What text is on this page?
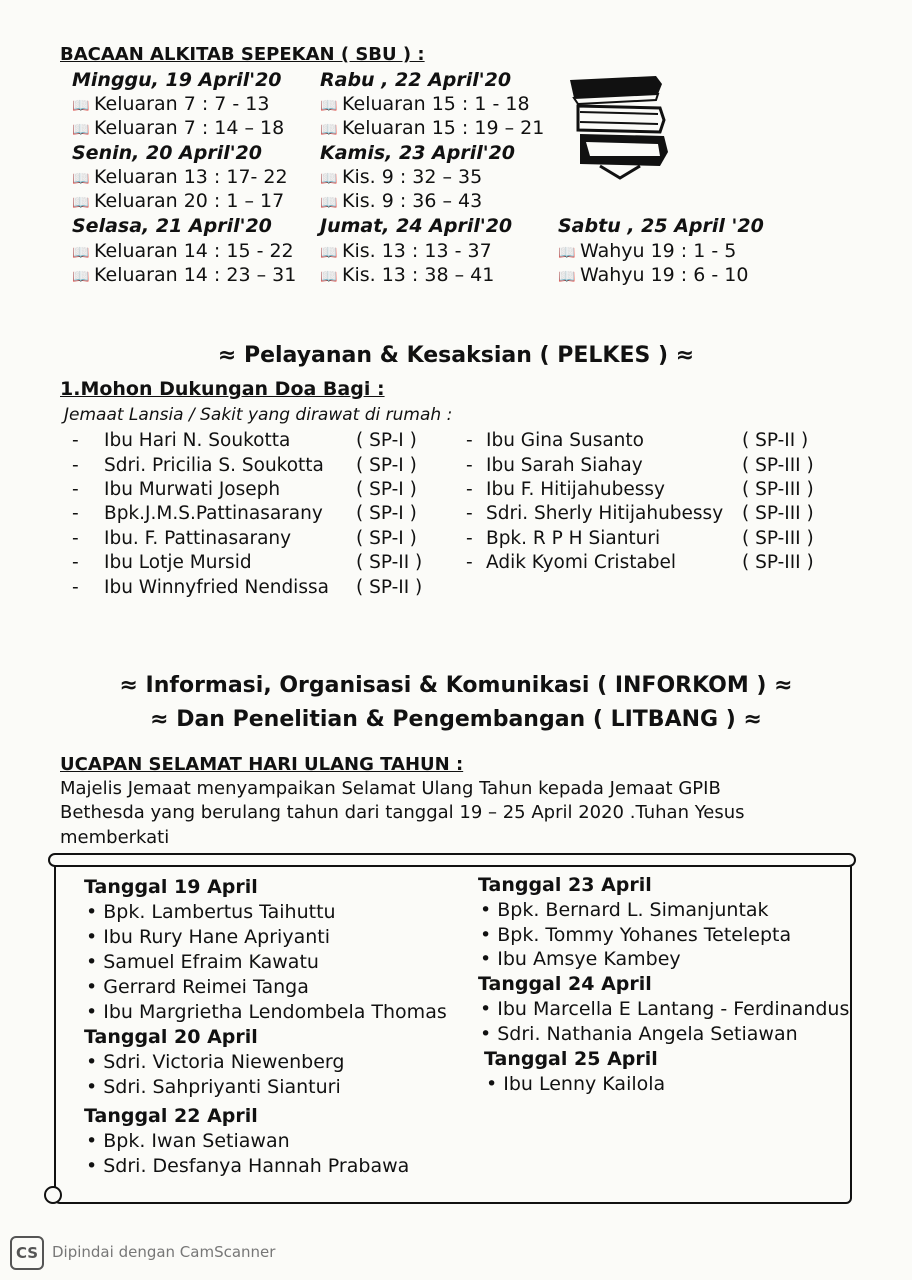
BACAAN ALKITAB SEPEKAN ( SBU ) :
Minggu, 19 April'20
📖 Keluaran 7 : 7 - 13
📖 Keluaran 7 : 14 – 18
Senin, 20 April'20
📖 Keluaran 13 : 17- 22
📖 Keluaran 20 : 1 – 17
Selasa, 21 April'20
📖 Keluaran 14 : 15 - 22
📖 Keluaran 14 : 23 – 31
Rabu , 22 April'20
📖 Keluaran 15 : 1 - 18
📖 Keluaran 15 : 19 – 21
Kamis, 23 April'20
📖 Kis. 9 : 32 – 35
📖 Kis. 9 : 36 – 43
Jumat, 24 April'20
📖 Kis. 13 : 13 - 37
📖 Kis. 13 : 38 – 41
Sabtu , 25 April '20
📖 Wahyu 19 : 1 - 5
📖 Wahyu 19 : 6 - 10
≈ Pelayanan & Kesaksian ( PELKES ) ≈
1.Mohon Dukungan Doa Bagi :
Jemaat Lansia / Sakit yang dirawat di rumah :
- Ibu Hari N. Soukotta	( SP-I )
- Sdri. Pricilia S. Soukotta ( SP-I )
- Ibu Murwati Joseph	( SP-I )
- Bpk.J.M.S.Pattinasarany ( SP-I )
- Ibu. F. Pattinasarany	( SP-I )
- Ibu Lotje Mursid	( SP-II )
- Ibu Winnyfried Nendissa ( SP-II )
- Ibu Gina Susanto	( SP-II )
- Ibu Sarah Siahay	( SP-III )
- Ibu F. Hitijahubessy	( SP-III )
- Sdri. Sherly Hitijahubessy ( SP-III )
- Bpk. R P H Sianturi	( SP-III )
- Adik Kyomi Cristabel	( SP-III )
≈ Informasi, Organisasi & Komunikasi ( INFORKOM ) ≈
≈ Dan Penelitian & Pengembangan ( LITBANG ) ≈
UCAPAN SELAMAT HARI ULANG TAHUN :
Majelis Jemaat menyampaikan Selamat Ulang Tahun kepada Jemaat GPIB
Bethesda yang berulang tahun dari tanggal 19 – 25 April 2020 .Tuhan Yesus
memberkati
Tanggal 19 April
• Bpk. Lambertus Taihuttu
• Ibu Rury Hane Apriyanti
• Samuel Efraim Kawatu
• Gerrard Reimei Tanga
• Ibu Margrietha Lendombela Thomas
Tanggal 20 April
• Sdri. Victoria Niewenberg
• Sdri. Sahpriyanti Sianturi
Tanggal 22 April
• Bpk. Iwan Setiawan
• Sdri. Desfanya Hannah Prabawa
Tanggal 23 April
• Bpk. Bernard L. Simanjuntak
• Bpk. Tommy Yohanes Tetelepta
• Ibu Amsye Kambey
Tanggal 24 April
• Ibu Marcella E Lantang - Ferdinandus
• Sdri. Nathania Angela Setiawan
Tanggal 25 April
• Ibu Lenny Kailola
CS Dipindai dengan CamScanner
